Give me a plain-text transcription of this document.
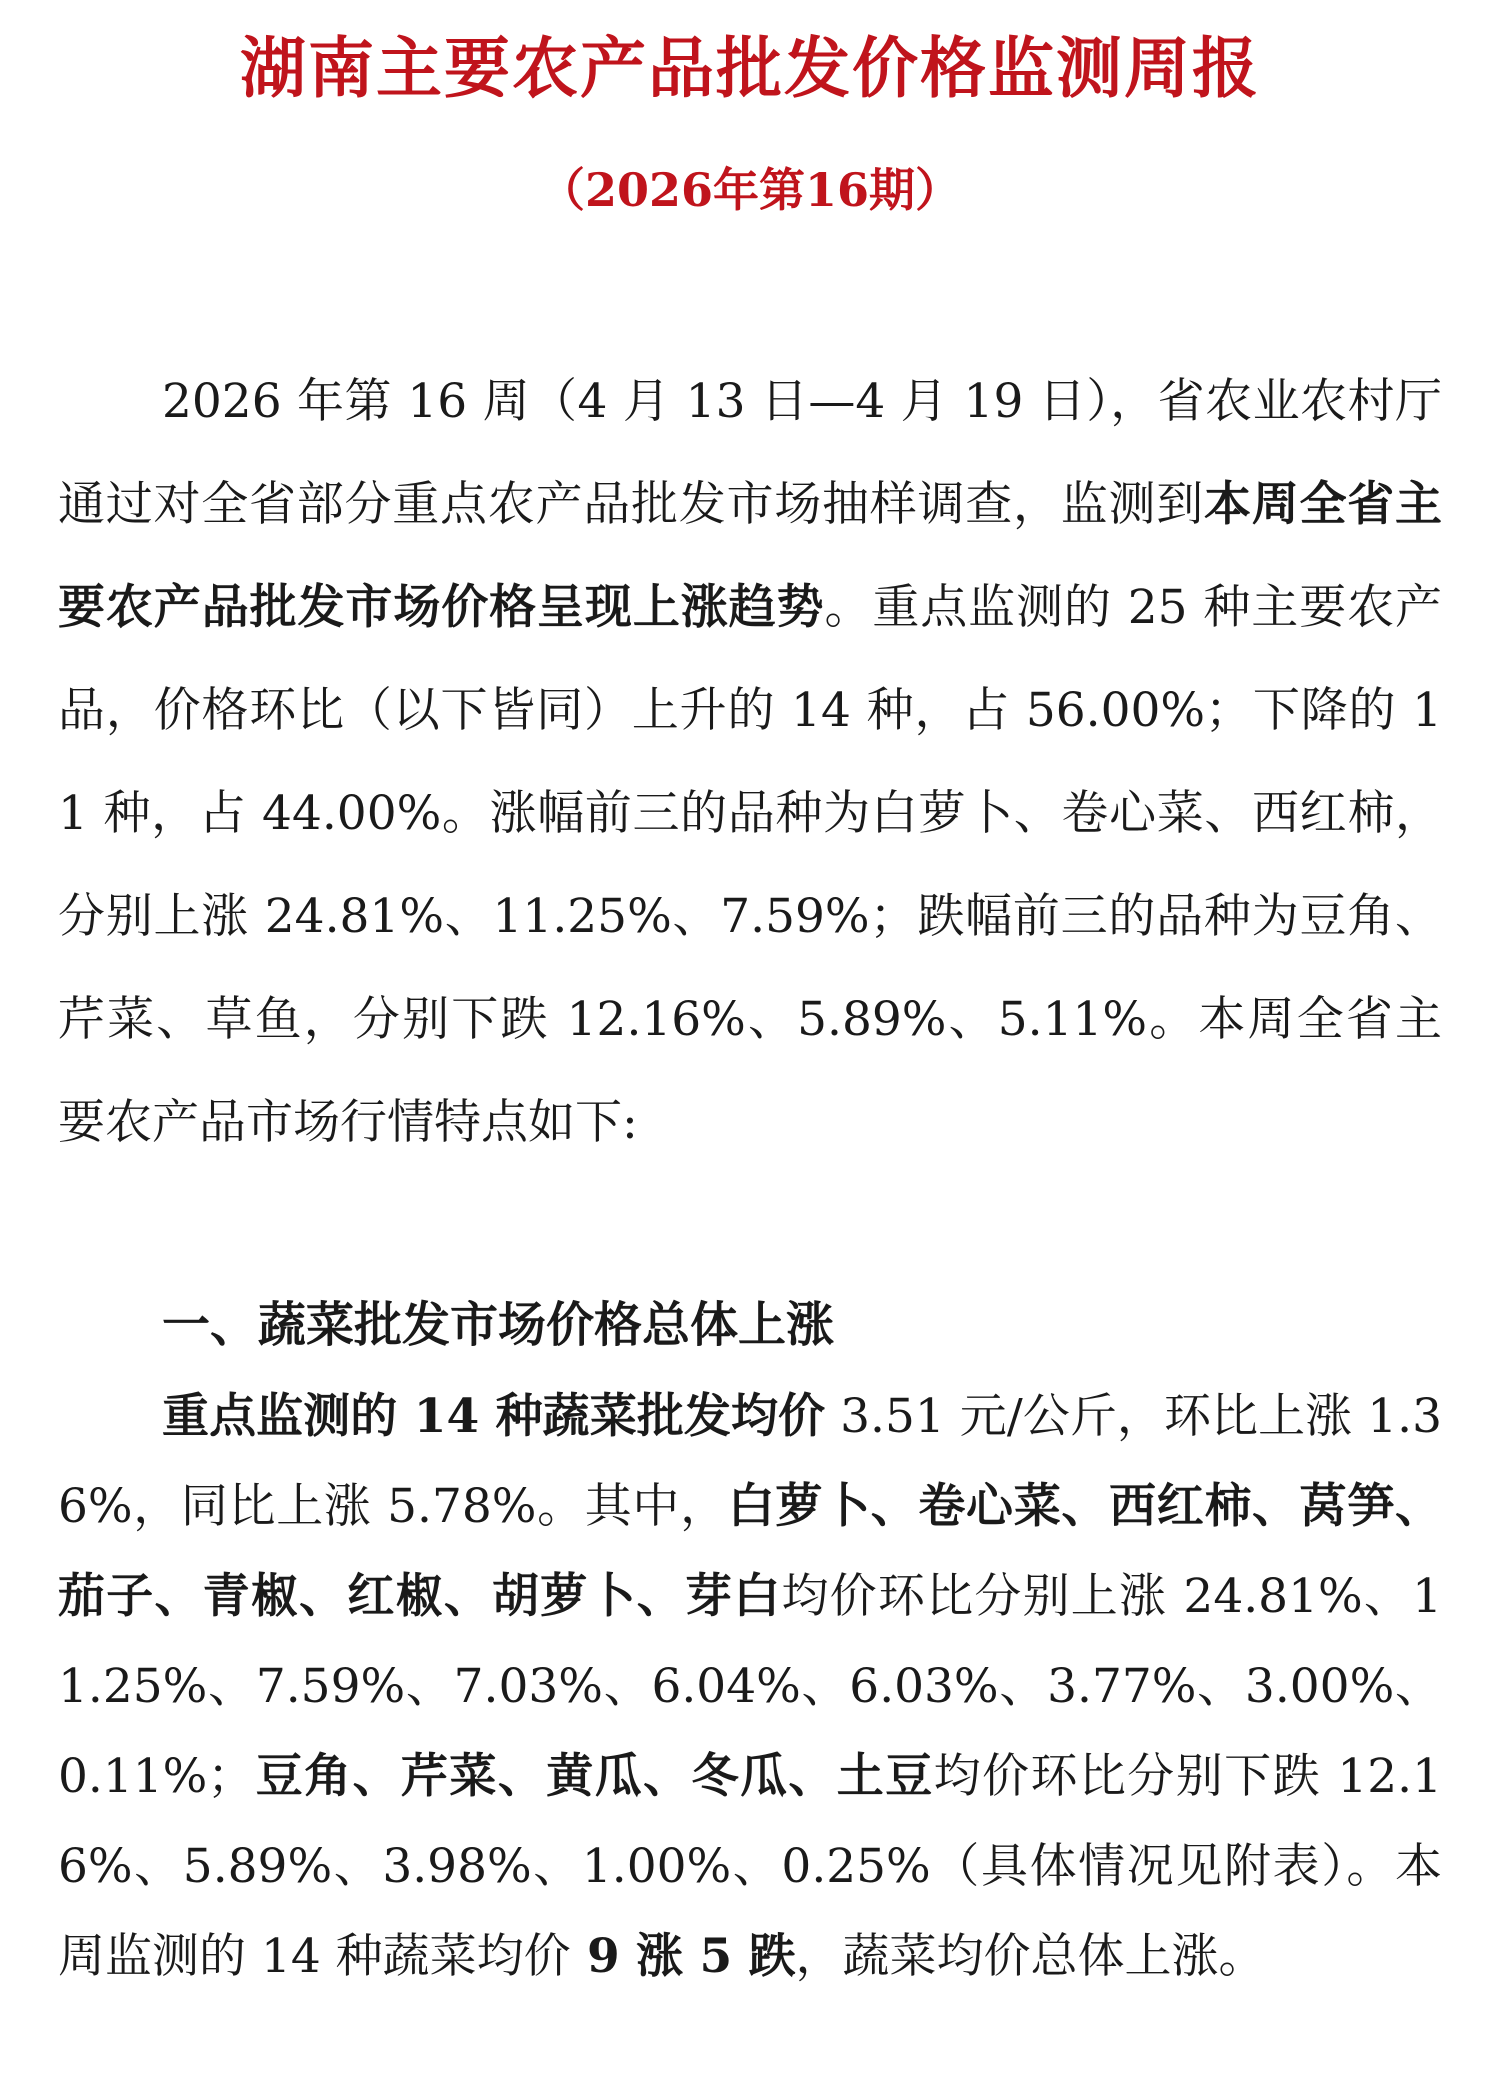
湖南主要农产品批发价格监测周报
（2026年第16期）

2026 年第 16 周（4 月 13 日—4 月 19 日），省农业农村厅通过对全省部分重点农产品批发市场抽样调查，监测到本周全省主要农产品批发市场价格呈现上涨趋势。重点监测的 25 种主要农产品，价格环比（以下皆同）上升的 14 种，占 56.00%；下降的 11 种，占 44.00%。涨幅前三的品种为白萝卜、卷心菜、西红柿，分别上涨 24.81%、11.25%、7.59%；跌幅前三的品种为豆角、芹菜、草鱼，分别下跌 12.16%、5.89%、5.11%。本周全省主要农产品市场行情特点如下:

一、蔬菜批发市场价格总体上涨

重点监测的 14 种蔬菜批发均价 3.51 元/公斤，环比上涨 1.36%，同比上涨 5.78%。其中，白萝卜、卷心菜、西红柿、莴笋、茄子、青椒、红椒、胡萝卜、芽白均价环比分别上涨 24.81%、11.25%、7.59%、7.03%、6.04%、6.03%、3.77%、3.00%、0.11%；豆角、芹菜、黄瓜、冬瓜、土豆均价环比分别下跌 12.16%、5.89%、3.98%、1.00%、0.25%（具体情况见附表）。本周监测的 14 种蔬菜均价 9 涨 5 跌，蔬菜均价总体上涨。
